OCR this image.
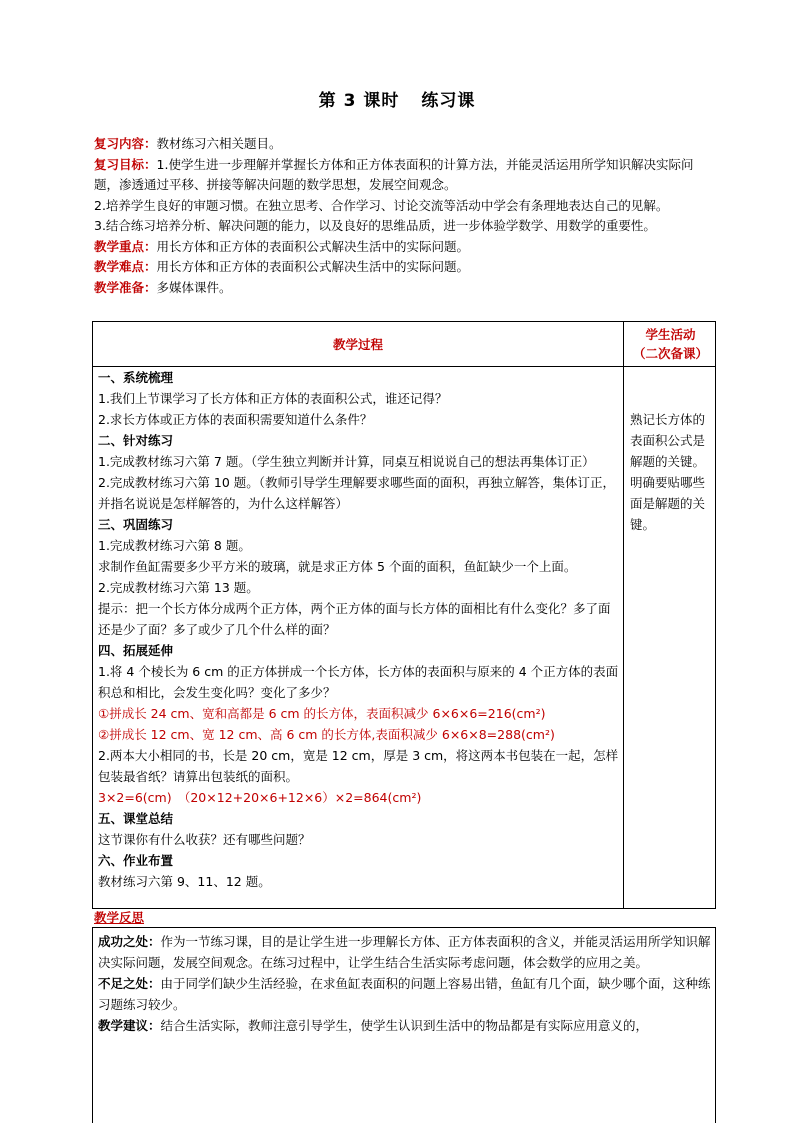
第 3 课时 练习课

复习内容：教材练习六相关题目。

复习目标：1.使学生进一步理解并掌握长方体和正方体表面积的计算方法，并能灵活运用所学知识解决实际问题，渗透通过平移、拼接等解决问题的数学思想，发展空间观念。

2.培养学生良好的审题习惯。在独立思考、合作学习、讨论交流等活动中学会有条理地表达自己的见解。

3.结合练习培养分析、解决问题的能力，以及良好的思维品质，进一步体验学数学、用数学的重要性。

教学重点：用长方体和正方体的表面积公式解决生活中的实际问题。

教学难点：用长方体和正方体的表面积公式解决生活中的实际问题。

教学准备：多媒体课件。

教学过程
学生活动
（二次备课）

一、系统梳理

1.我们上节课学习了长方体和正方体的表面积公式，谁还记得？

2.求长方体或正方体的表面积需要知道什么条件？

二、针对练习

1.完成教材练习六第 7 题。（学生独立判断并计算，同桌互相说说自己的想法再集体订正）

2.完成教材练习六第 10 题。（教师引导学生理解要求哪些面的面积，再独立解答，集体订正，并指名说说是怎样解答的，为什么这样解答）

三、巩固练习

1.完成教材练习六第 8 题。

求制作鱼缸需要多少平方米的玻璃，就是求正方体 5 个面的面积，鱼缸缺少一个上面。

2.完成教材练习六第 13 题。

提示：把一个长方体分成两个正方体，两个正方体的面与长方体的面相比有什么变化？多了面还是少了面？多了或少了几个什么样的面？

四、拓展延伸

1.将 4 个棱长为 6 cm 的正方体拼成一个长方体，长方体的表面积与原来的 4 个正方体的表面积总和相比，会发生变化吗？变化了多少？

①拼成长 24 cm、宽和高都是 6 cm 的长方体，表面积减少 6×6×6=216(cm²)

②拼成长 12 cm、宽 12 cm、高 6 cm 的长方体,表面积减少 6×6×8=288(cm²)

2.两本大小相同的书，长是 20 cm，宽是 12 cm，厚是 3 cm，将这两本书包装在一起，怎样包装最省纸？请算出包装纸的面积。

3×2=6(cm)　（20×12+20×6+12×6）×2=864(cm²)

五、课堂总结

这节课你有什么收获？还有哪些问题？

六、作业布置

教材练习六第 9、11、12 题。

熟记长方体的表面积公式是解题的关键。

明确要贴哪些面是解题的关键。

教学反思

成功之处：作为一节练习课，目的是让学生进一步理解长方体、正方体表面积的含义，并能灵活运用所学知识解决实际问题，发展空间观念。在练习过程中，让学生结合生活实际考虑问题，体会数学的应用之美。

不足之处：由于同学们缺少生活经验，在求鱼缸表面积的问题上容易出错，鱼缸有几个面，缺少哪个面，这种练习题练习较少。

教学建议：结合生活实际，教师注意引导学生，使学生认识到生活中的物品都是有实际应用意义的，
